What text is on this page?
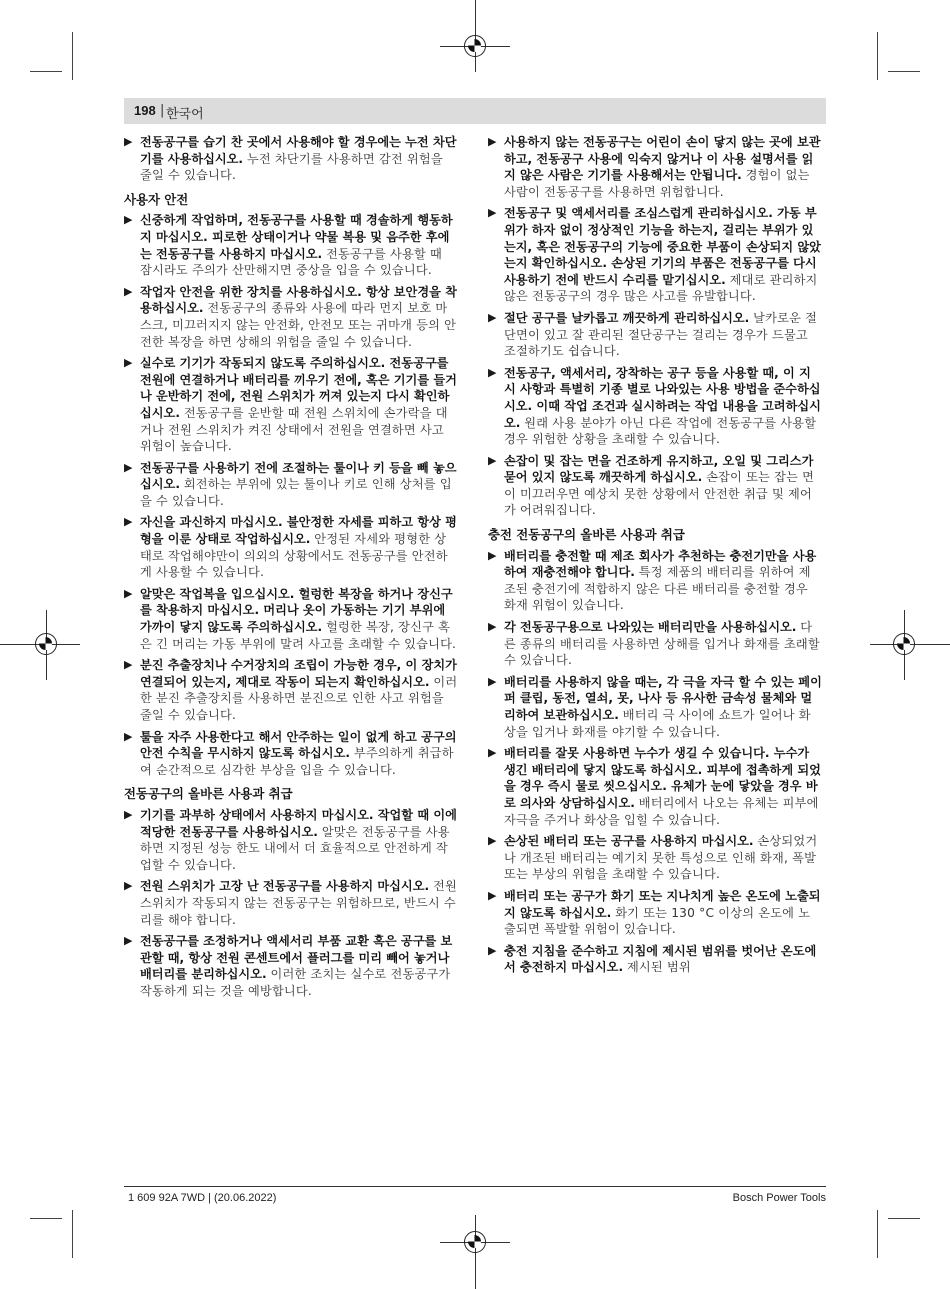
198 | 한국어
▶ 전동공구를 습기 찬 곳에서 사용해야 할 경우에는 누전 차단기를 사용하십시오. 누전 차단기를 사용하면 감전 위험을 줄일 수 있습니다.
사용자 안전
▶ 신중하게 작업하며, 전동공구를 사용할 때 경솔하게 행동하지 마십시오. 피로한 상태이거나 약물 복용 및 음주한 후에는 전동공구를 사용하지 마십시오. 전동공구를 사용할 때 잠시라도 주의가 산만해지면 중상을 입을 수 있습니다.
▶ 작업자 안전을 위한 장치를 사용하십시오. 항상 보안경을 착용하십시오. 전동공구의 종류와 사용에 따라 먼지 보호 마스크, 미끄러지지 않는 안전화, 안전모 또는 귀마개 등의 안전한 복장을 하면 상해의 위험을 줄일 수 있습니다.
▶ 실수로 기기가 작동되지 않도록 주의하십시오. 전동공구를 전원에 연결하거나 배터리를 끼우기 전에, 혹은 기기를 들거나 운반하기 전에, 전원 스위치가 꺼져 있는지 다시 확인하십시오. 전동공구를 운반할 때 전원 스위치에 손가락을 대거나 전원 스위치가 켜진 상태에서 전원을 연결하면 사고 위험이 높습니다.
▶ 전동공구를 사용하기 전에 조절하는 툴이나 키 등을 빼 놓으십시오. 회전하는 부위에 있는 툴이나 키로 인해 상처를 입을 수 있습니다.
▶ 자신을 과신하지 마십시오. 불안정한 자세를 피하고 항상 평형을 이룬 상태로 작업하십시오. 안정된 자세와 평형한 상태로 작업해야만이 의외의 상황에서도 전동공구를 안전하게 사용할 수 있습니다.
▶ 알맞은 작업복을 입으십시오. 헐렁한 복장을 하거나 장신구를 착용하지 마십시오. 머리나 옷이 가동하는 기기 부위에 가까이 닿지 않도록 주의하십시오. 헐렁한 복장, 장신구 혹은 긴 머리는 가동 부위에 말려 사고를 초래할 수 있습니다.
▶ 분진 추출장치나 수거장치의 조립이 가능한 경우, 이 장치가 연결되어 있는지, 제대로 작동이 되는지 확인하십시오. 이러한 분진 추출장치를 사용하면 분진으로 인한 사고 위험을 줄일 수 있습니다.
▶ 툴을 자주 사용한다고 해서 안주하는 일이 없게 하고 공구의 안전 수칙을 무시하지 않도록 하십시오. 부주의하게 취급하여 순간적으로 심각한 부상을 입을 수 있습니다.
전동공구의 올바른 사용과 취급
▶ 기기를 과부하 상태에서 사용하지 마십시오. 작업할 때 이에 적당한 전동공구를 사용하십시오. 알맞은 전동공구를 사용하면 지정된 성능 한도 내에서 더 효율적으로 안전하게 작업할 수 있습니다.
▶ 전원 스위치가 고장 난 전동공구를 사용하지 마십시오. 전원 스위치가 작동되지 않는 전동공구는 위험하므로, 반드시 수리를 해야 합니다.
▶ 전동공구를 조정하거나 액세서리 부품 교환 혹은 공구를 보관할 때, 항상 전원 콘센트에서 플러그를 미리 빼어 놓거나 배터리를 분리하십시오. 이러한 조치는 실수로 전동공구가 작동하게 되는 것을 예방합니다.
▶ 사용하지 않는 전동공구는 어린이 손이 닿지 않는 곳에 보관하고, 전동공구 사용에 익숙지 않거나 이 사용 설명서를 읽지 않은 사람은 기기를 사용해서는 안됩니다. 경험이 없는 사람이 전동공구를 사용하면 위험합니다.
▶ 전동공구 및 액세서리를 조심스럽게 관리하십시오. 가동 부위가 하자 없이 정상적인 기능을 하는지, 걸리는 부위가 있는지, 혹은 전동공구의 기능에 중요한 부품이 손상되지 않았는지 확인하십시오. 손상된 기기의 부품은 전동공구를 다시 사용하기 전에 반드시 수리를 맡기십시오. 제대로 관리하지 않은 전동공구의 경우 많은 사고를 유발합니다.
▶ 절단 공구를 날카롭고 깨끗하게 관리하십시오. 날카로운 절단면이 있고 잘 관리된 절단공구는 걸리는 경우가 드물고 조절하기도 쉽습니다.
▶ 전동공구, 액세서리, 장착하는 공구 등을 사용할 때, 이 지시 사항과 특별히 기종 별로 나와있는 사용 방법을 준수하십시오. 이때 작업 조건과 실시하려는 작업 내용을 고려하십시오. 원래 사용 분야가 아닌 다른 작업에 전동공구를 사용할 경우 위험한 상황을 초래할 수 있습니다.
▶ 손잡이 및 잡는 면을 건조하게 유지하고, 오일 및 그리스가 묻어 있지 않도록 깨끗하게 하십시오. 손잡이 또는 잡는 면이 미끄러우면 예상치 못한 상황에서 안전한 취급 및 제어가 어려워집니다.
충전 전동공구의 올바른 사용과 취급
▶ 배터리를 충전할 때 제조 회사가 추천하는 충전기만을 사용하여 재충전해야 합니다. 특정 제품의 배터리를 위하여 제조된 충전기에 적합하지 않은 다른 배터리를 충전할 경우 화재 위험이 있습니다.
▶ 각 전동공구용으로 나와있는 배터리만을 사용하십시오. 다른 종류의 배터리를 사용하면 상해를 입거나 화재를 초래할 수 있습니다.
▶ 배터리를 사용하지 않을 때는, 각 극을 자극 할 수 있는 페이퍼 클립, 동전, 열쇠, 못, 나사 등 유사한 금속성 물체와 멀리하여 보관하십시오. 배터리 극 사이에 쇼트가 일어나 화상을 입거나 화재를 야기할 수 있습니다.
▶ 배터리를 잘못 사용하면 누수가 생길 수 있습니다. 누수가 생긴 배터리에 닿지 않도록 하십시오. 피부에 접촉하게 되었을 경우 즉시 물로 씻으십시오. 유체가 눈에 닿았을 경우 바로 의사와 상담하십시오. 배터리에서 나오는 유체는 피부에 자극을 주거나 화상을 입힐 수 있습니다.
▶ 손상된 배터리 또는 공구를 사용하지 마십시오. 손상되었거나 개조된 배터리는 예기치 못한 특성으로 인해 화재, 폭발 또는 부상의 위험을 초래할 수 있습니다.
▶ 배터리 또는 공구가 화기 또는 지나치게 높은 온도에 노출되지 않도록 하십시오. 화기 또는 130 °C 이상의 온도에 노출되면 폭발할 위험이 있습니다.
▶ 충전 지침을 준수하고 지침에 제시된 범위를 벗어난 온도에서 충전하지 마십시오. 제시된 범위
1 609 92A 7WD | (20.06.2022)	Bosch Power Tools
